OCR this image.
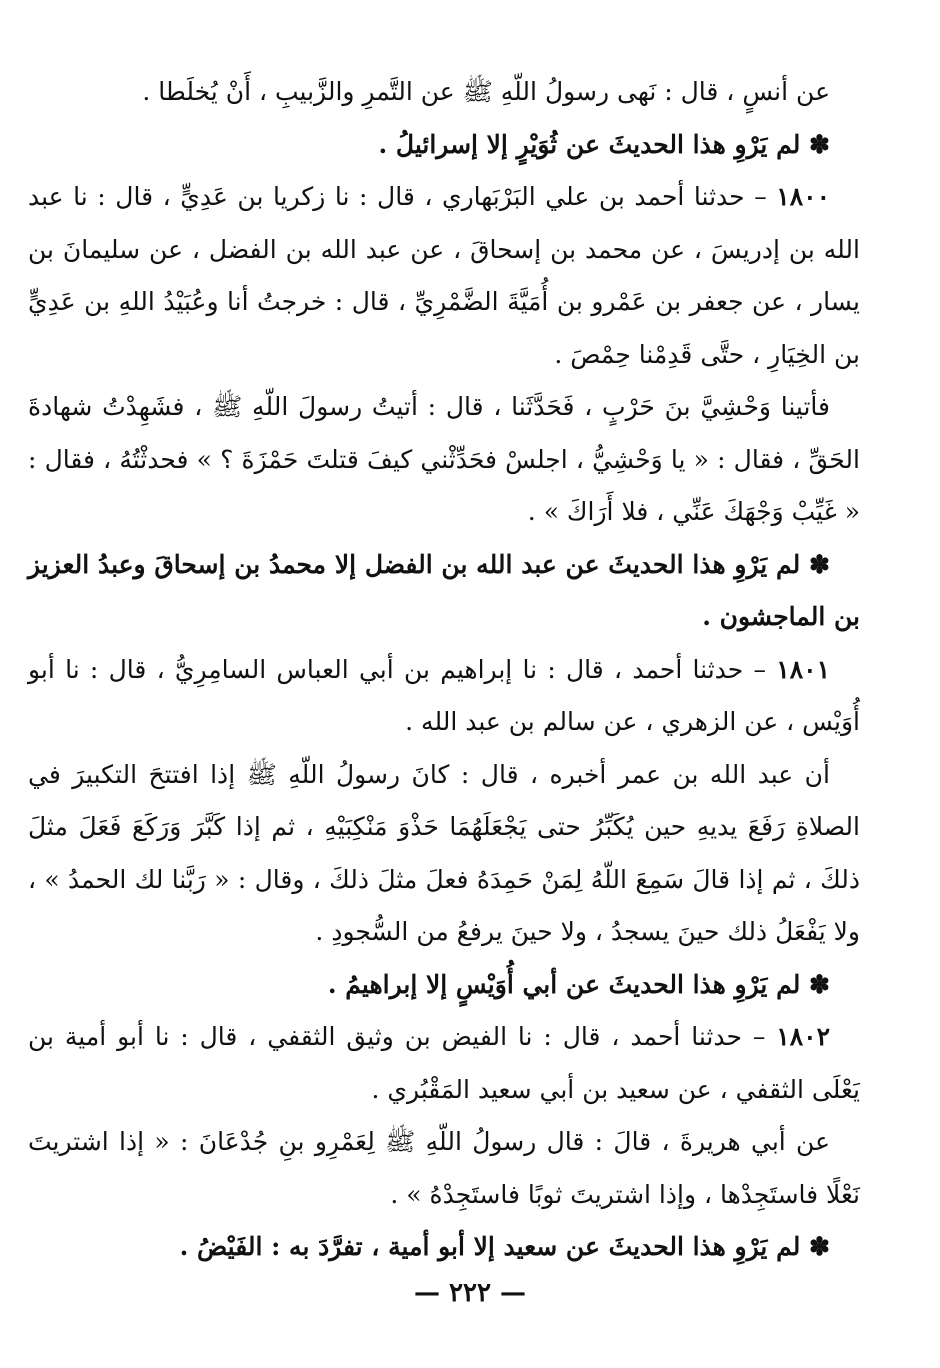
عن أنسٍ ، قال : نَهى رسولُ اللّهِ ﷺ عن التَّمرِ والزَّبيبِ ، أَنْ يُخلَطا .

✽ لم يَرْوِ هذا الحديثَ عن ثُوَيْرٍ إلا إسرائيلُ .

١٨٠٠ – حدثنا أحمد بن علي البَرْبَهاري ، قال : نا زكريا بن عَدِيٍّ ، قال : نا عبد الله بن إدريسَ ، عن محمد بن إسحاقَ ، عن عبد الله بن الفضل ، عن سليمانَ بن يسار ، عن جعفر بن عَمْرو بن أُمَيَّةَ الضَّمْرِيِّ ، قال : خرجتُ أنا وعُبَيْدُ اللهِ بن عَدِيٍّ بن الخِيَارِ ، حتَّى قَدِمْنا حِمْصَ .

فأتينا وَحْشِيَّ بنَ حَرْبٍ ، فَحَدَّثَنا ، قال : أتيتُ رسولَ اللّهِ ﷺ ، فشَهِدْتُ شهادةَ الحَقِّ ، فقال : « يا وَحْشِيُّ ، اجلسْ فحَدِّثْني كيفَ قتلتَ حَمْزَةَ ؟ » فحدثْتُهُ ، فقال : « غَيِّبْ وَجْهَكَ عَنِّي ، فلا أَرَاكَ » .

✽ لم يَرْوِ هذا الحديثَ عن عبد الله بن الفضل إلا محمدُ بن إسحاقَ وعبدُ العزيز بن الماجشون .

١٨٠١ – حدثنا أحمد ، قال : نا إبراهيم بن أبي العباس السامِرِيُّ ، قال : نا أبو أُوَيْس ، عن الزهري ، عن سالم بن عبد الله .

أن عبد الله بن عمر أخبره ، قال : كانَ رسولُ اللّهِ ﷺ إذا افتتحَ التكبيرَ في الصلاةِ رَفَعَ يديهِ حين يُكَبِّرُ حتى يَجْعَلَهُمَا حَذْوَ مَنْكِبَيْهِ ، ثم إذا كَبَّرَ وَرَكَعَ فَعَلَ مثلَ ذلكَ ، ثم إذا قالَ سَمِعَ اللّهُ لِمَنْ حَمِدَهُ فعلَ مثلَ ذلكَ ، وقال : « رَبَّنا لك الحمدُ » ، ولا يَفْعَلُ ذلك حينَ يسجدُ ، ولا حينَ يرفعُ من السُّجودِ .

✽ لم يَرْوِ هذا الحديثَ عن أبي أُوَيْسٍ إلا إبراهيمُ .

١٨٠٢ – حدثنا أحمد ، قال : نا الفيض بن وثيق الثقفي ، قال : نا أبو أمية بن يَعْلَى الثقفي ، عن سعيد بن أبي سعيد المَقْبُري .

عن أبي هريرةَ ، قالَ : قال رسولُ اللّهِ ﷺ لِعَمْرِو بنِ جُدْعَانَ : « إذا اشتريتَ نَعْلًا فاستَجِدْها ، وإذا اشتريتَ ثوبًا فاستَجِدْهُ » .

✽ لم يَرْوِ هذا الحديثَ عن سعيد إلا أبو أمية ، تفرَّدَ به : الفَيْضُ .

— ٢٢٢ —
